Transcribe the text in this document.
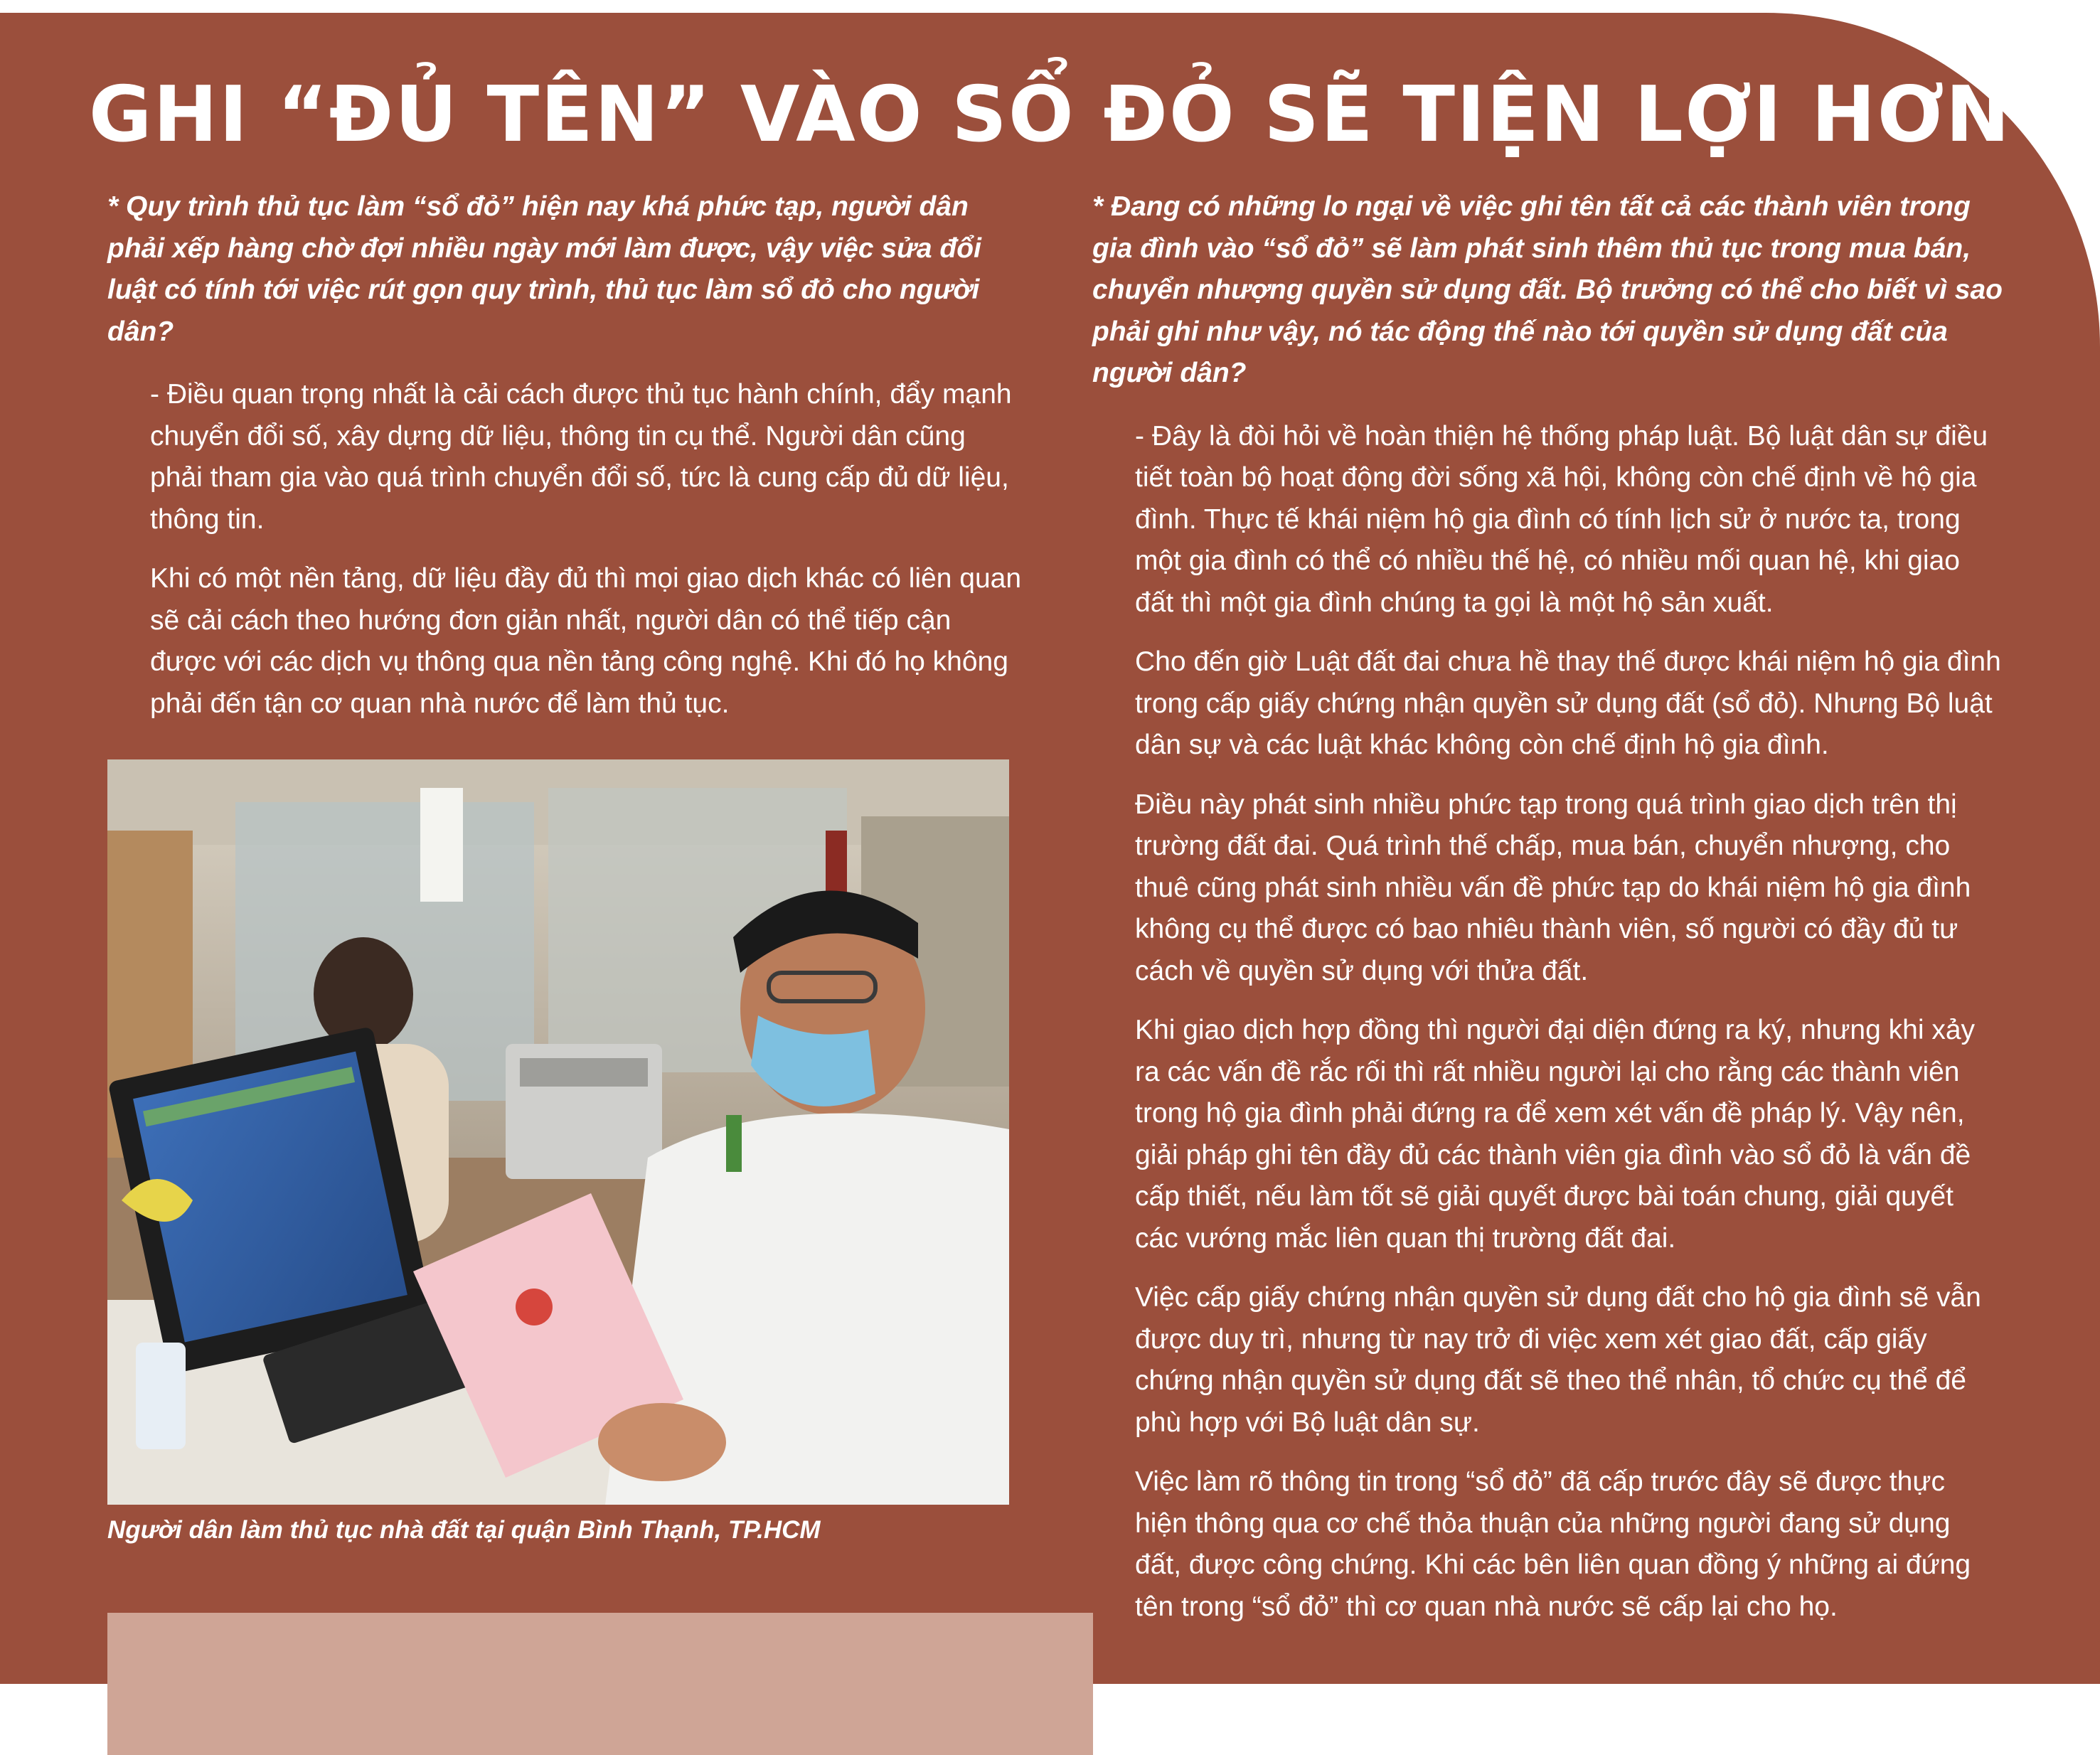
GHI “ĐỦ TÊN” VÀO SỔ ĐỎ SẼ TIỆN LỢI HƠN

* Quy trình thủ tục làm “sổ đỏ” hiện nay khá phức tạp, người dân phải xếp hàng chờ đợi nhiều ngày mới làm được, vậy việc sửa đổi luật có tính tới việc rút gọn quy trình, thủ tục làm sổ đỏ cho người dân?

- Điều quan trọng nhất là cải cách được thủ tục hành chính, đẩy mạnh chuyển đổi số, xây dựng dữ liệu, thông tin cụ thể. Người dân cũng phải tham gia vào quá trình chuyển đổi số, tức là cung cấp đủ dữ liệu, thông tin.

Khi có một nền tảng, dữ liệu đầy đủ thì mọi giao dịch khác có liên quan sẽ cải cách theo hướng đơn giản nhất, người dân có thể tiếp cận được với các dịch vụ thông qua nền tảng công nghệ. Khi đó họ không phải đến tận cơ quan nhà nước để làm thủ tục.

Người dân làm thủ tục nhà đất tại quận Bình Thạnh, TP.HCM

* Đang có những lo ngại về việc ghi tên tất cả các thành viên trong gia đình vào “sổ đỏ” sẽ làm phát sinh thêm thủ tục trong mua bán, chuyển nhượng quyền sử dụng đất. Bộ trưởng có thể cho biết vì sao phải ghi như vậy, nó tác động thế nào tới quyền sử dụng đất của người dân?

- Đây là đòi hỏi về hoàn thiện hệ thống pháp luật. Bộ luật dân sự điều tiết toàn bộ hoạt động đời sống xã hội, không còn chế định về hộ gia đình. Thực tế khái niệm hộ gia đình có tính lịch sử ở nước ta, trong một gia đình có thể có nhiều thế hệ, có nhiều mối quan hệ, khi giao đất thì một gia đình chúng ta gọi là một hộ sản xuất.

Cho đến giờ Luật đất đai chưa hề thay thế được khái niệm hộ gia đình trong cấp giấy chứng nhận quyền sử dụng đất (sổ đỏ). Nhưng Bộ luật dân sự và các luật khác không còn chế định hộ gia đình.

Điều này phát sinh nhiều phức tạp trong quá trình giao dịch trên thị trường đất đai. Quá trình thế chấp, mua bán, chuyển nhượng, cho thuê cũng phát sinh nhiều vấn đề phức tạp do khái niệm hộ gia đình không cụ thể được có bao nhiêu thành viên, số người có đầy đủ tư cách về quyền sử dụng với thửa đất.

Khi giao dịch hợp đồng thì người đại diện đứng ra ký, nhưng khi xảy ra các vấn đề rắc rối thì rất nhiều người lại cho rằng các thành viên trong hộ gia đình phải đứng ra để xem xét vấn đề pháp lý. Vậy nên, giải pháp ghi tên đầy đủ các thành viên gia đình vào sổ đỏ là vấn đề cấp thiết, nếu làm tốt sẽ giải quyết được bài toán chung, giải quyết các vướng mắc liên quan thị trường đất đai.

Việc cấp giấy chứng nhận quyền sử dụng đất cho hộ gia đình sẽ vẫn được duy trì, nhưng từ nay trở đi việc xem xét giao đất, cấp giấy chứng nhận quyền sử dụng đất sẽ theo thể nhân, tổ chức cụ thể để phù hợp với Bộ luật dân sự.

Việc làm rõ thông tin trong “sổ đỏ” đã cấp trước đây sẽ được thực hiện thông qua cơ chế thỏa thuận của những người đang sử dụng đất, được công chứng. Khi các bên liên quan đồng ý những ai đứng tên trong “sổ đỏ” thì cơ quan nhà nước sẽ cấp lại cho họ.
